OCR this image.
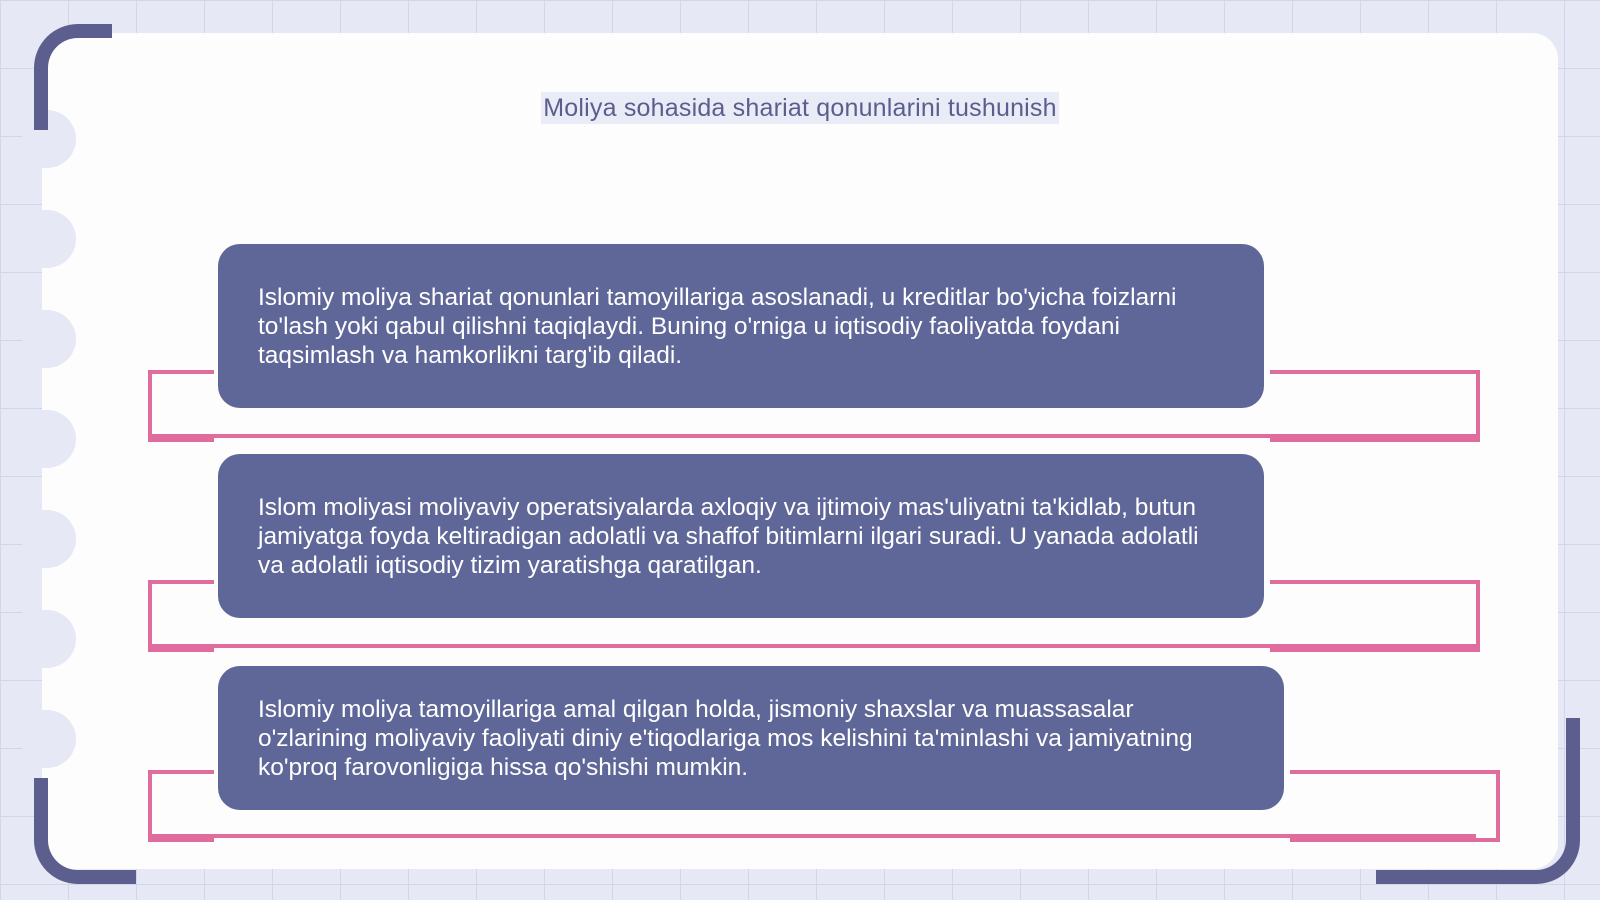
Moliya sohasida shariat qonunlarini tushunish
Islomiy moliya shariat qonunlari tamoyillariga asoslanadi, u kreditlar bo'yicha foizlarni to'lash yoki qabul qilishni taqiqlaydi. Buning o'rniga u iqtisodiy faoliyatda foydani taqsimlash va hamkorlikni targ'ib qiladi.
Islom moliyasi moliyaviy operatsiyalarda axloqiy va ijtimoiy mas'uliyatni ta'kidlab, butun jamiyatga foyda keltiradigan adolatli va shaffof bitimlarni ilgari suradi. U yanada adolatli va adolatli iqtisodiy tizim yaratishga qaratilgan.
Islomiy moliya tamoyillariga amal qilgan holda, jismoniy shaxslar va muassasalar o'zlarining moliyaviy faoliyati diniy e'tiqodlariga mos kelishini ta'minlashi va jamiyatning ko'proq farovonligiga hissa qo'shishi mumkin.
